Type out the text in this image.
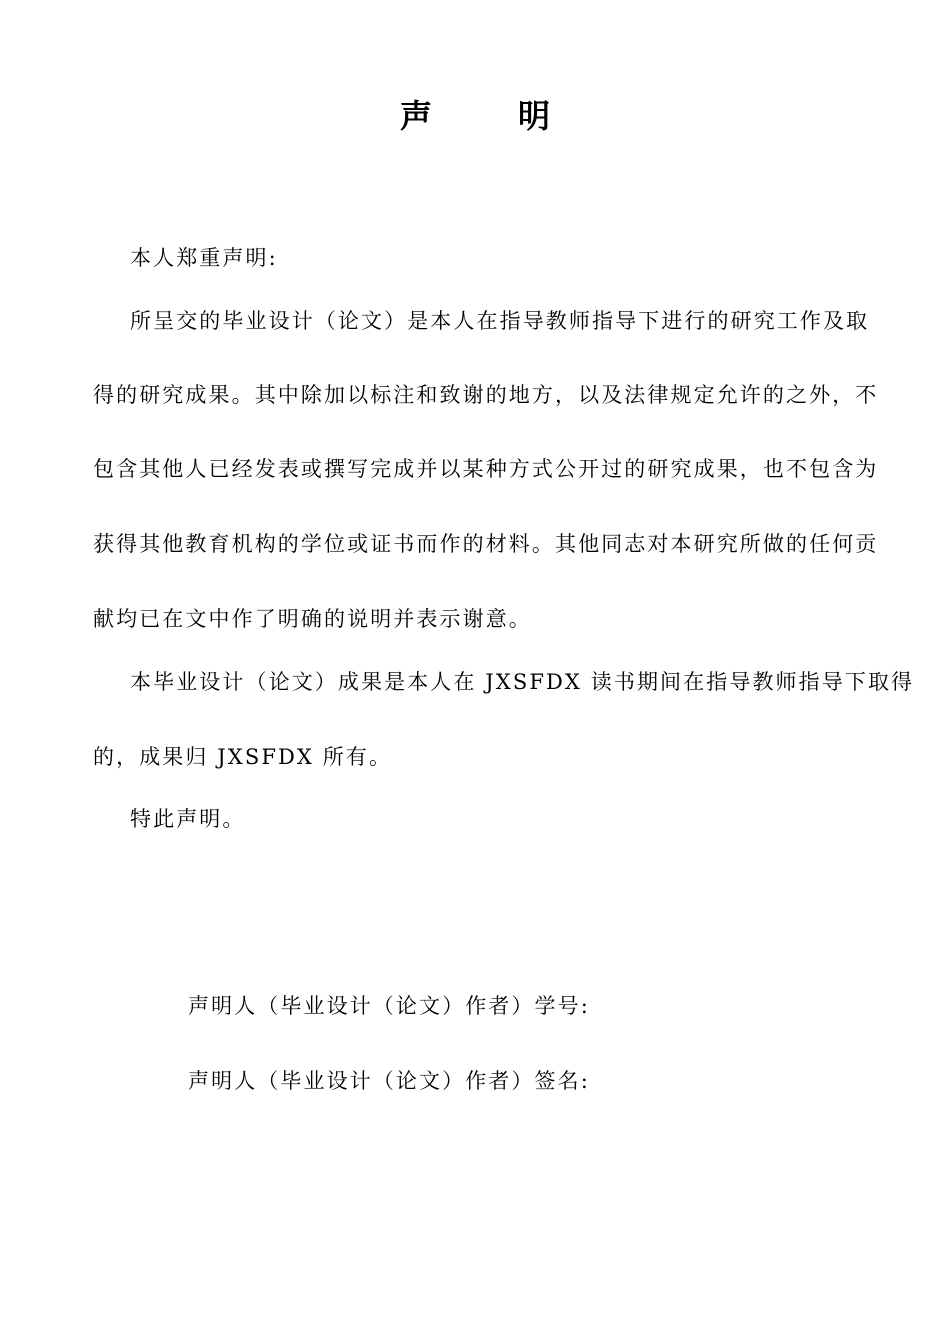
声	明
本人郑重声明:
所呈交的毕业设计（论文）是本人在指导教师指导下进行的研究工作及取
得的研究成果。其中除加以标注和致谢的地方，以及法律规定允许的之外，不
包含其他人已经发表或撰写完成并以某种方式公开过的研究成果，也不包含为
获得其他教育机构的学位或证书而作的材料。其他同志对本研究所做的任何贡
献均已在文中作了明确的说明并表示谢意。
本毕业设计（论文）成果是本人在 JXSFDX 读书期间在指导教师指导下取得
的，成果归 JXSFDX 所有。
特此声明。
声明人（毕业设计（论文）作者）学号:
声明人（毕业设计（论文）作者）签名:
